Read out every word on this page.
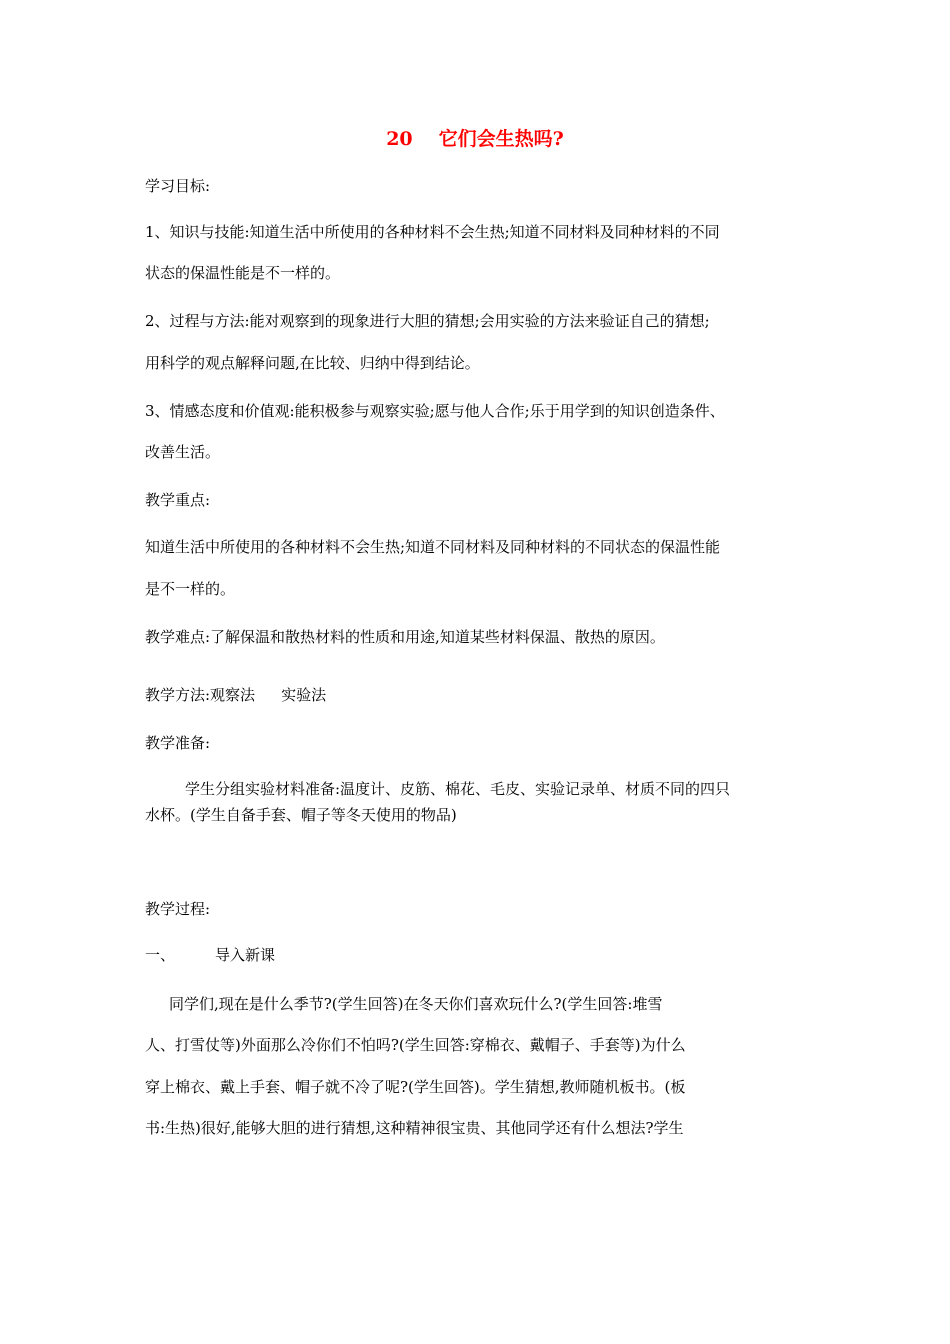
20 它们会生热吗?
学习目标:
1、知识与技能:知道生活中所使用的各种材料不会生热;知道不同材料及同种材料的不同
状态的保温性能是不一样的。
2、过程与方法:能对观察到的现象进行大胆的猜想;会用实验的方法来验证自己的猜想;
用科学的观点解释问题,在比较、归纳中得到结论。
3、情感态度和价值观:能积极参与观察实验;愿与他人合作;乐于用学到的知识创造条件、
改善生活。
教学重点:
知道生活中所使用的各种材料不会生热;知道不同材料及同种材料的不同状态的保温性能
是不一样的。
教学难点:了解保温和散热材料的性质和用途,知道某些材料保温、散热的原因。
教学方法:观察法 实验法
教学准备:
学生分组实验材料准备:温度计、皮筋、棉花、毛皮、实验记录单、材质不同的四只
水杯。(学生自备手套、帽子等冬天使用的物品)
教学过程:
一、	导入新课
同学们,现在是什么季节?(学生回答)在冬天你们喜欢玩什么?(学生回答:堆雪
人、打雪仗等)外面那么冷你们不怕吗?(学生回答:穿棉衣、戴帽子、手套等)为什么
穿上棉衣、戴上手套、帽子就不冷了呢?(学生回答)。学生猜想,教师随机板书。(板
书:生热)很好,能够大胆的进行猜想,这种精神很宝贵、其他同学还有什么想法?学生
